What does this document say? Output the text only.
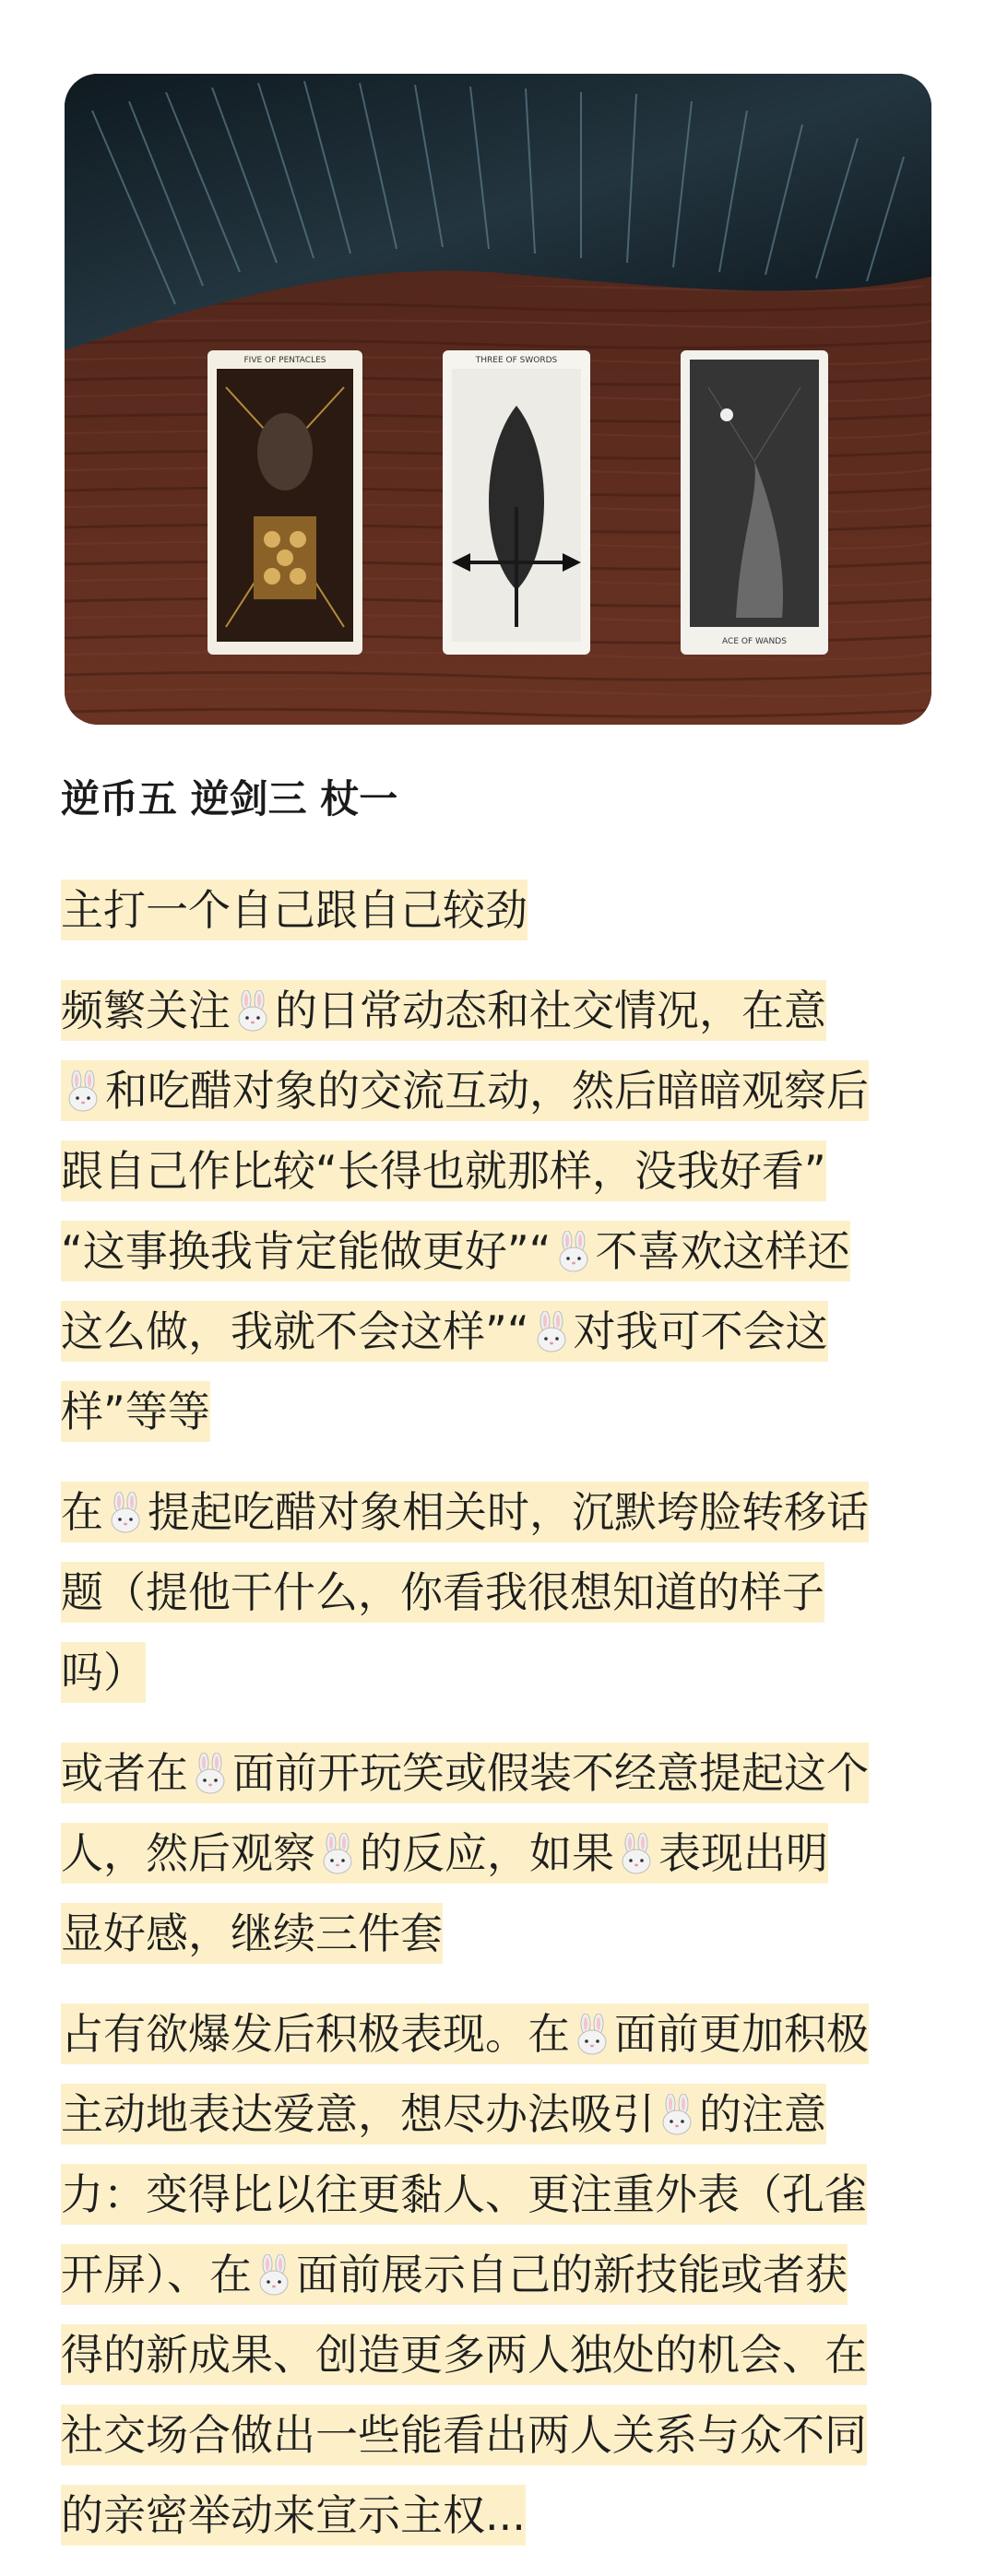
FIVE OF PENTACLES	THREE OF SWORDS
ACE OF WANDS
逆币五 逆剑三 杖一
主打一个自己跟自己较劲
频繁关注 的日常动态和社交情况，在意
和吃醋对象的交流互动，然后暗暗观察后
跟自己作比较“长得也就那样，没我好看”
“这事换我肯定能做更好”“ 不喜欢这样还
这么做，我就不会这样”“ 对我可不会这
样”等等
在 提起吃醋对象相关时，沉默垮脸转移话
题（提他干什么，你看我很想知道的样子
吗）
或者在 面前开玩笑或假装不经意提起这个
人，然后观察 的反应，如果 表现出明
显好感，继续三件套
占有欲爆发后积极表现。在 面前更加积极
主动地表达爱意，想尽办法吸引 的注意
力：变得比以往更黏人、更注重外表（孔雀
开屏）、在 面前展示自己的新技能或者获
得的新成果、创造更多两人独处的机会、在
社交场合做出一些能看出两人关系与众不同
的亲密举动来宣示主权...
